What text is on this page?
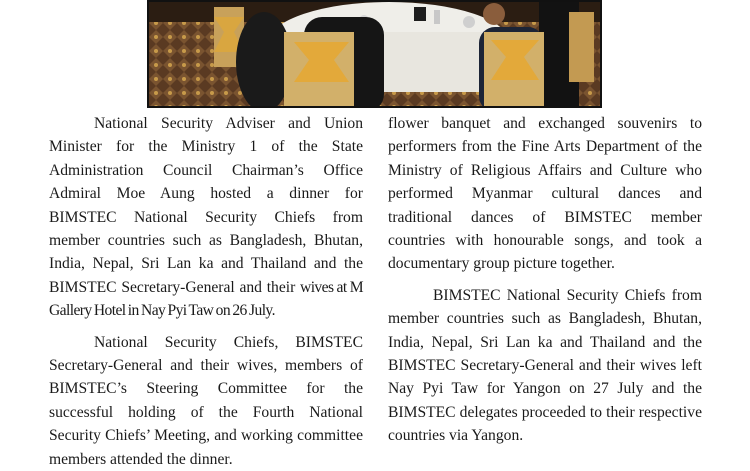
National Security Adviser and Union Minister for the Ministry 1 of the State Administration Council Chairman’s Office Admiral Moe Aung hosted a dinner for BIMSTEC National Security Chiefs from member countries such as Bangladesh, Bhutan, India, Nepal, Sri Lan ka and Thailand and the BIMSTEC Secretary-General and their wives at M Gallery Hotel in Nay Pyi Taw on 26 July.

National Security Chiefs, BIMSTEC Secretary-General and their wives, members of BIMSTEC’s Steering Committee for the successful holding of the Fourth National Security Chiefs’ Meeting, and working committee members attended the dinner.

flower banquet and exchanged souvenirs to performers from the Fine Arts Department of the Ministry of Religious Affairs and Culture who performed Myanmar cultural dances and traditional dances of BIMSTEC member countries with honourable songs, and took a documentary group picture together.

BIMSTEC National Security Chiefs from member countries such as Bangladesh, Bhutan, India, Nepal, Sri Lan ka and Thailand and the BIMSTEC Secretary-General and their wives left Nay Pyi Taw for Yangon on 27 July and the BIMSTEC delegates proceeded to their respective countries via Yangon.
